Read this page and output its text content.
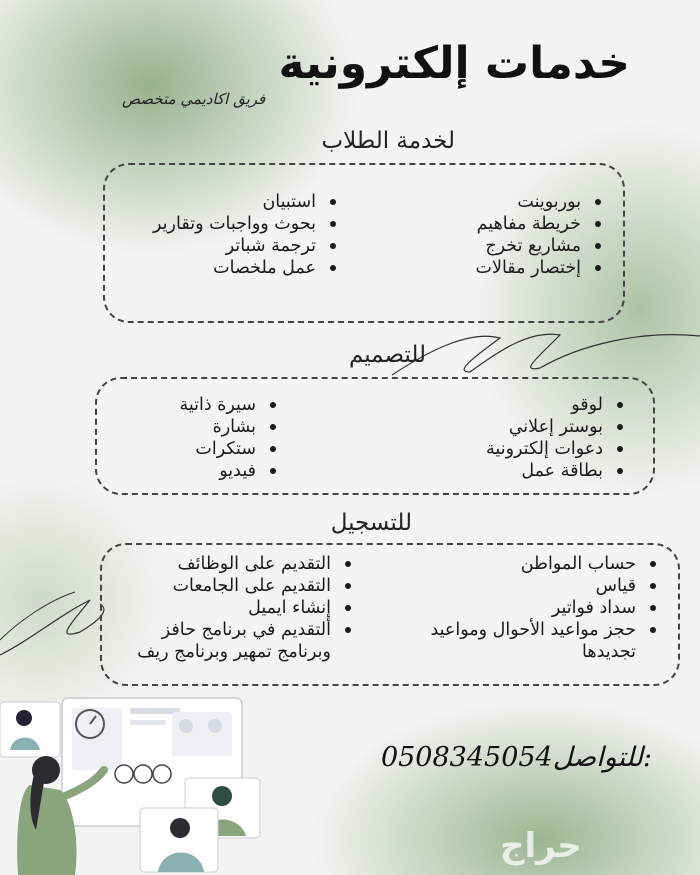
خدمات إلكترونية
فريق اكاديمي متخصص
لخدمة الطلاب
بوربوينت
خريطة مفاهيم
مشاريع تخرج
إختصار مقالات
استبيان
بحوث وواجبات وتقارير
ترجمة شباتر
عمل ملخصات
للتصميم
لوقو
بوستر إعلاني
دعوات إلكترونية
بطاقة عمل
سيرة ذاتية
بشارة
ستكرات
فيديو
للتسجيل
حساب المواطن
قياس
سداد فواتير
حجز مواعيد الأحوال ومواعيد تجديدها
التقديم على الوظائف
التقديم على الجامعات
إنشاء ايميل
ألتقديم في برنامج حافز وبرنامج تمهير وبرنامج ريف
0508345054للتواصل:
حراج
